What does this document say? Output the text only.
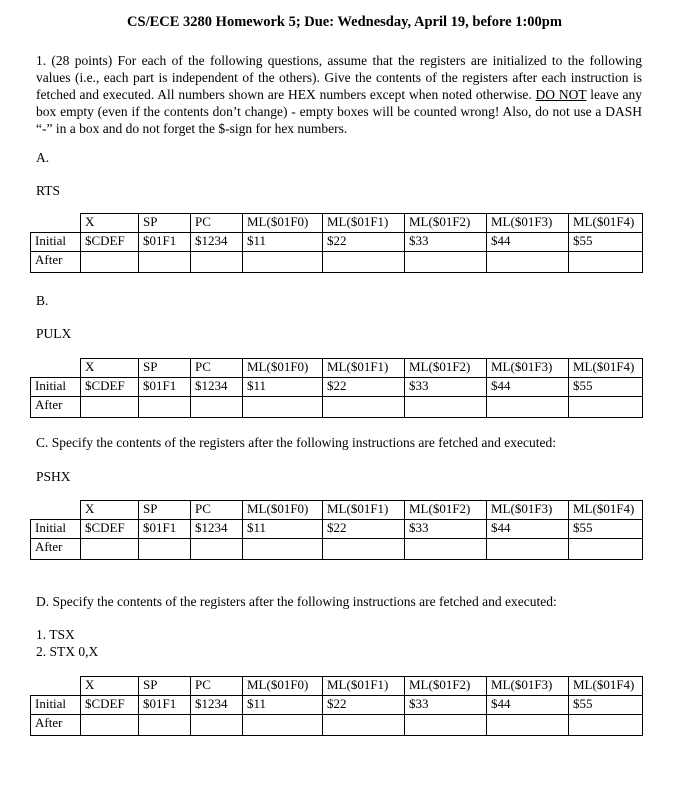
CS/ECE 3280 Homework 5; Due: Wednesday, April 19, before 1:00pm
1. (28 points) For each of the following questions, assume that the registers are initialized to the following values (i.e., each part is independent of the others). Give the contents of the registers after each instruction is fetched and executed. All numbers shown are HEX numbers except when noted otherwise. DO NOT leave any box empty (even if the contents don’t change) - empty boxes will be counted wrong! Also, do not use a DASH “-” in a box and do not forget the $-sign for hex numbers.
A.
RTS
	X	SP	PC	ML($01F0)	ML($01F1)	ML($01F2)	ML($01F3)	ML($01F4)
Initial	$CDEF	$01F1	$1234	$11	$22	$33	$44	$55
After								
B.
PULX
	X	SP	PC	ML($01F0)	ML($01F1)	ML($01F2)	ML($01F3)	ML($01F4)
Initial	$CDEF	$01F1	$1234	$11	$22	$33	$44	$55
After								
C. Specify the contents of the registers after the following instructions are fetched and executed:
PSHX
	X	SP	PC	ML($01F0)	ML($01F1)	ML($01F2)	ML($01F3)	ML($01F4)
Initial	$CDEF	$01F1	$1234	$11	$22	$33	$44	$55
After								
D. Specify the contents of the registers after the following instructions are fetched and executed:
1. TSX
2. STX 0,X
	X	SP	PC	ML($01F0)	ML($01F1)	ML($01F2)	ML($01F3)	ML($01F4)
Initial	$CDEF	$01F1	$1234	$11	$22	$33	$44	$55
After								
